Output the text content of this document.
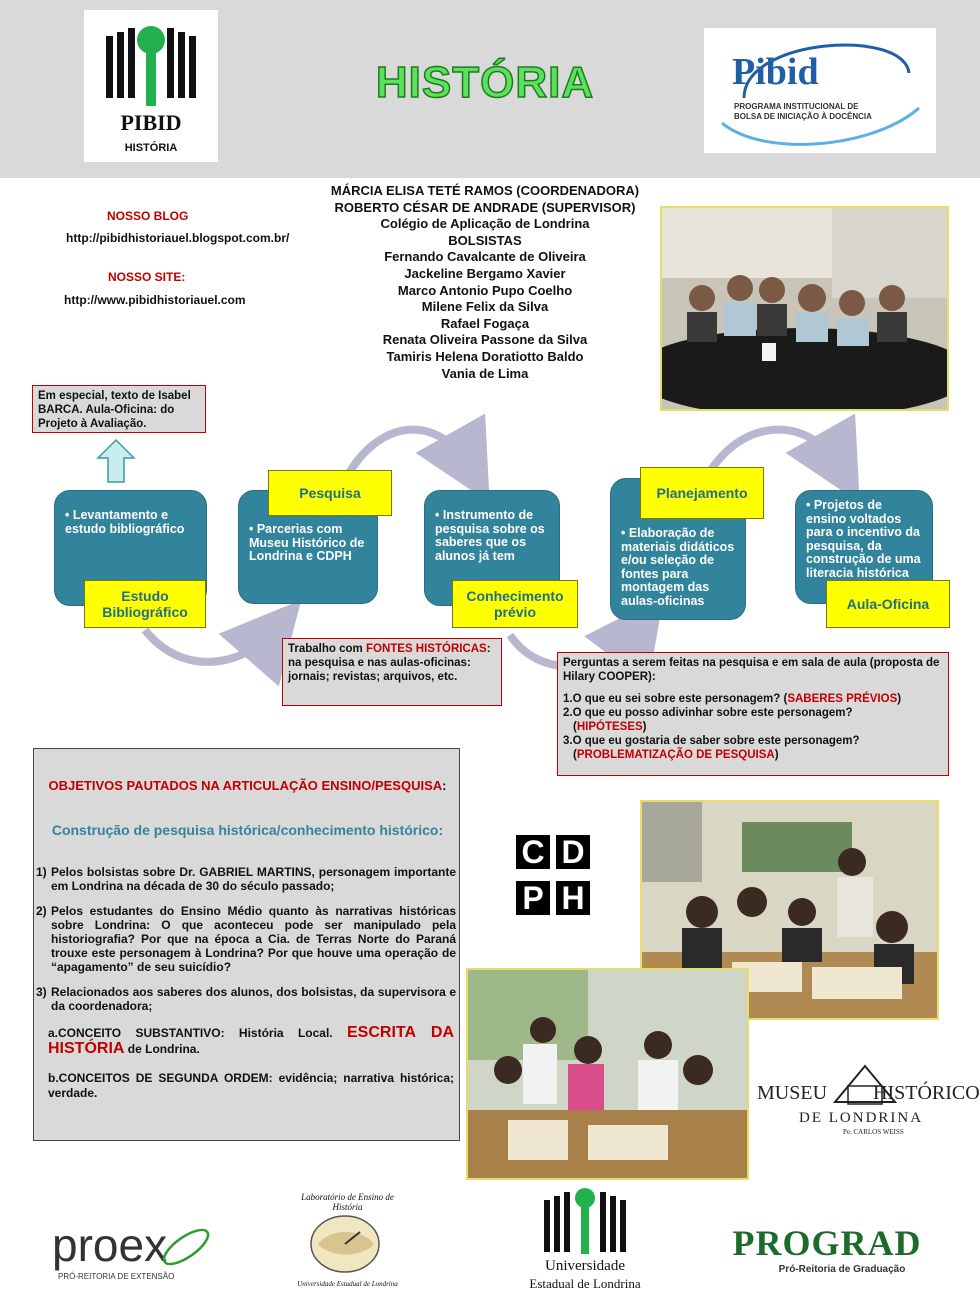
PIBID
HISTÓRIA
HISTÓRIA	Pibid
PROGRAMA INSTITUCIONAL DE
BOLSA DE INICIAÇÃO À DOCÊNCIA
NOSSO BLOG
http://pibidhistoriauel.blogspot.com.br/
NOSSO SITE:
http://www.pibidhistoriauel.com
MÁRCIA ELISA TETÉ RAMOS (COORDENADORA)
ROBERTO CÉSAR DE ANDRADE (SUPERVISOR)
Colégio de Aplicação de Londrina
BOLSISTAS
Fernando Cavalcante de Oliveira
Jackeline Bergamo Xavier
Marco Antonio Pupo Coelho
Milene Felix da Silva
Rafael Fogaça
Renata Oliveira Passone da Silva
Tamiris Helena Doratiotto Baldo
Vania de Lima
Em especial, texto de Isabel BARCA. Aula-Oficina: do Projeto à Avaliação.
• Levantamento e estudo bibliográfico
Estudo Bibliográfico
• Parcerias com Museu Histórico de Londrina e CDPH
Pesquisa
• Instrumento de pesquisa sobre os saberes que os alunos já tem
Conhecimento prévio
• Elaboração de materiais didáticos e/ou seleção de fontes para montagem das aulas-oficinas
Planejamento
• Projetos de ensino voltados para o incentivo da pesquisa, da construção de uma literacia histórica
Aula-Oficina
Trabalho com FONTES HISTÓRICAS: na pesquisa e nas aulas-oficinas: jornais; revistas; arquivos, etc.
Perguntas a serem feitas na pesquisa e em sala de aula (proposta de Hilary COOPER):
1.O que eu sei sobre este personagem? (SABERES PRÉVIOS)
2.O que eu posso adivinhar sobre este personagem?
(HIPÓTESES)
3.O que eu gostaria de saber sobre este personagem?
(PROBLEMATIZAÇÃO DE PESQUISA)
OBJETIVOS PAUTADOS NA ARTICULAÇÃO ENSINO/PESQUISA:
Construção de pesquisa histórica/conhecimento histórico:
1) Pelos bolsistas sobre Dr. GABRIEL MARTINS, personagem importante em Londrina na década de 30 do século passado;
2) Pelos estudantes do Ensino Médio quanto às narrativas históricas sobre Londrina: O que aconteceu pode ser manipulado pela historiografia? Por que na época a Cia. de Terras Norte do Paraná trouxe este personagem à Londrina? Por que houve uma operação de “apagamento” de seu suicídio?
3) Relacionados aos saberes dos alunos, dos bolsistas, da supervisora e da coordenadora;
a.CONCEITO SUBSTANTIVO: História Local. ESCRITA DA HISTÓRIA de Londrina.
b.CONCEITOS DE SEGUNDA ORDEM: evidência; narrativa histórica; verdade.
C D
P H
MUSEU HISTÓRICO
DE LONDRINA
Pe. CARLOS WEISS
proex
PRÓ-REITORIA DE EXTENSÃO
Laboratório de Ensino de História
Universidade Estadual de Londrina
Universidade
Estadual de Londrina
PROGRAD
Pró-Reitoria de Graduação
